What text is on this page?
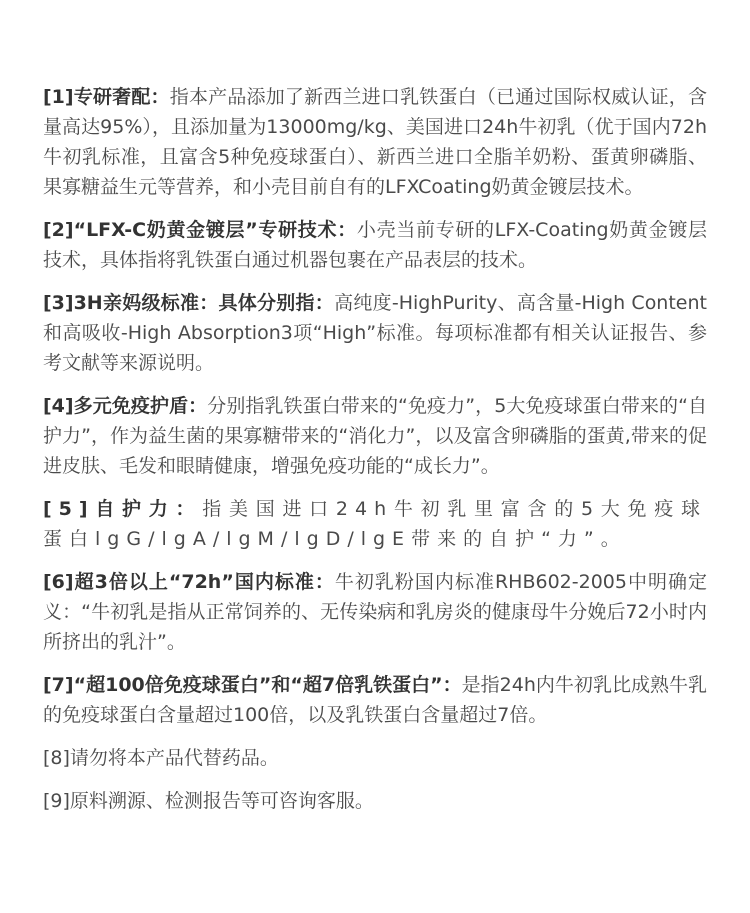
[1]专研奢配：指本产品添加了新西兰进口乳铁蛋白（已通过国际权威认证，含量高达95%），且添加量为13000mg/kg、美国进口24h牛初乳（优于国内72h牛初乳标准，且富含5种免疫球蛋白）、新西兰进口全脂羊奶粉、蛋黄卵磷脂、果寡糖益生元等营养，和小壳目前自有的LFXCoating奶黄金镀层技术。

[2]“LFX-C奶黄金镀层”专研技术：小壳当前专研的LFX-Coating奶黄金镀层技术，具体指将乳铁蛋白通过机器包裹在产品表层的技术。

[3]3H亲妈级标准：具体分别指：高纯度-HighPurity、高含量-High Content和高吸收-High Absorption3项“High”标准。每项标准都有相关认证报告、参考文献等来源说明。

[4]多元免疫护盾：分别指乳铁蛋白带来的“免疫力”，5大免疫球蛋白带来的“自护力”，作为益生菌的果寡糖带来的“消化力”，以及富含卵磷脂的蛋黄,带来的促进皮肤、毛发和眼睛健康，增强免疫功能的“成长力”。

[5]自护力：指美国进口24h牛初乳里富含的5大免疫球蛋白lgG/lgA/lgM/lgD/lgE带来的自护“力”。

[6]超3倍以上“72h”国内标准：牛初乳粉国内标准RHB602-2005中明确定义：“牛初乳是指从正常饲养的、无传染病和乳房炎的健康母牛分娩后72小时内所挤出的乳汁”。

[7]“超100倍免疫球蛋白”和“超7倍乳铁蛋白”：是指24h内牛初乳比成熟牛乳的免疫球蛋白含量超过100倍，以及乳铁蛋白含量超过7倍。

[8]请勿将本产品代替药品。

[9]原料溯源、检测报告等可咨询客服。
